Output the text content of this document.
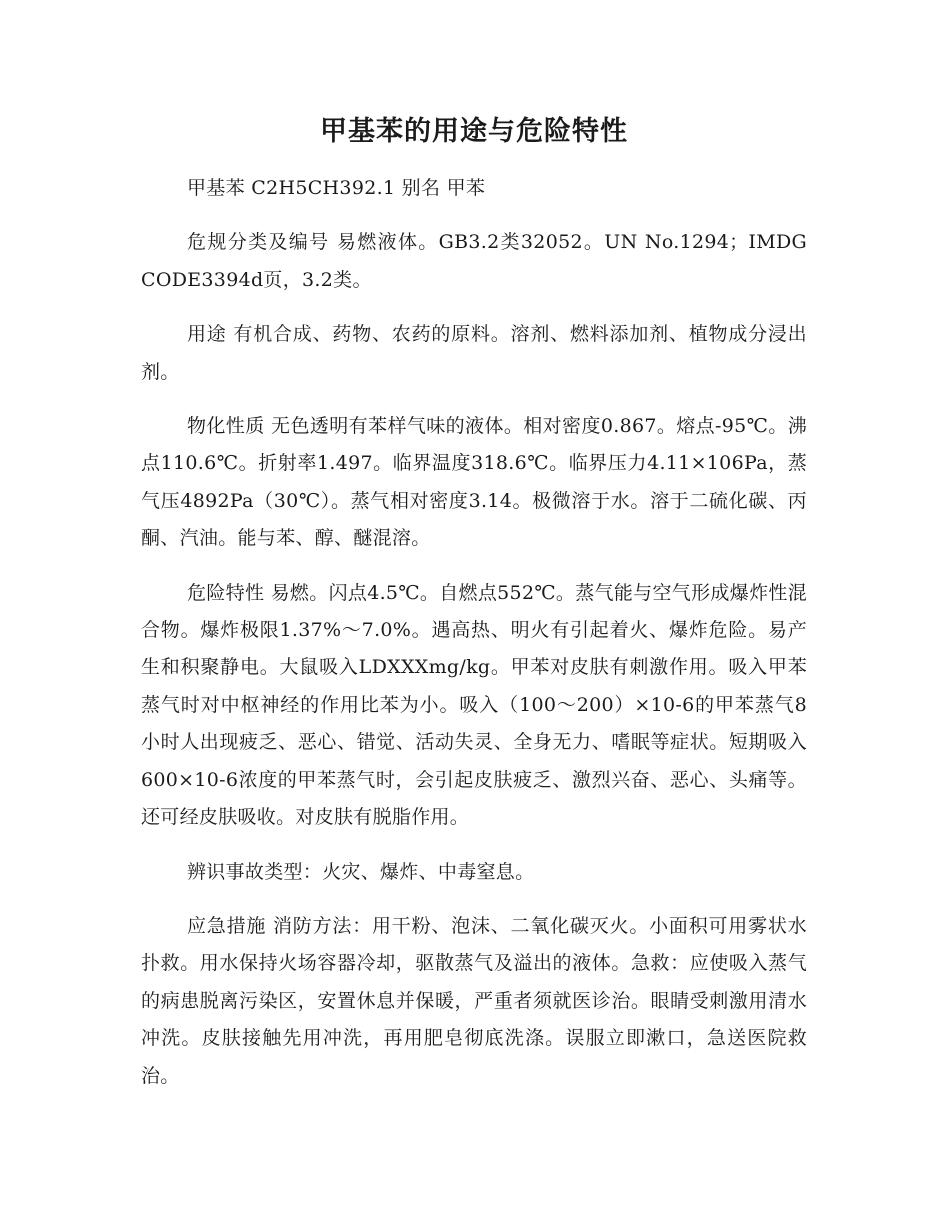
甲基苯的用途与危险特性

甲基苯 C2H5CH392.1 别名 甲苯

危规分类及编号 易燃液体。GB3.2类32052。UN No.1294；IMDG CODE3394d页，3.2类。

用途 有机合成、药物、农药的原料。溶剂、燃料添加剂、植物成分浸出剂。

物化性质 无色透明有苯样气味的液体。相对密度0.867。熔点-95℃。沸点110.6℃。折射率1.497。临界温度318.6℃。临界压力4.11×106Pa，蒸气压4892Pa（30℃）。蒸气相对密度3.14。极微溶于水。溶于二硫化碳、丙酮、汽油。能与苯、醇、醚混溶。

危险特性 易燃。闪点4.5℃。自燃点552℃。蒸气能与空气形成爆炸性混合物。爆炸极限1.37%～7.0%。遇高热、明火有引起着火、爆炸危险。易产生和积聚静电。大鼠吸入LDXXXmg/kg。甲苯对皮肤有刺激作用。吸入甲苯蒸气时对中枢神经的作用比苯为小。吸入（100～200）×10-6的甲苯蒸气8小时人出现疲乏、恶心、错觉、活动失灵、全身无力、嗜眠等症状。短期吸入600×10-6浓度的甲苯蒸气时，会引起皮肤疲乏、激烈兴奋、恶心、头痛等。还可经皮肤吸收。对皮肤有脱脂作用。

辨识事故类型：火灾、爆炸、中毒窒息。

应急措施 消防方法：用干粉、泡沫、二氧化碳灭火。小面积可用雾状水扑救。用水保持火场容器冷却，驱散蒸气及溢出的液体。急救：应使吸入蒸气的病患脱离污染区，安置休息并保暖，严重者须就医诊治。眼睛受刺激用清水冲洗。皮肤接触先用冲洗，再用肥皂彻底洗涤。误服立即漱口，急送医院救治。
